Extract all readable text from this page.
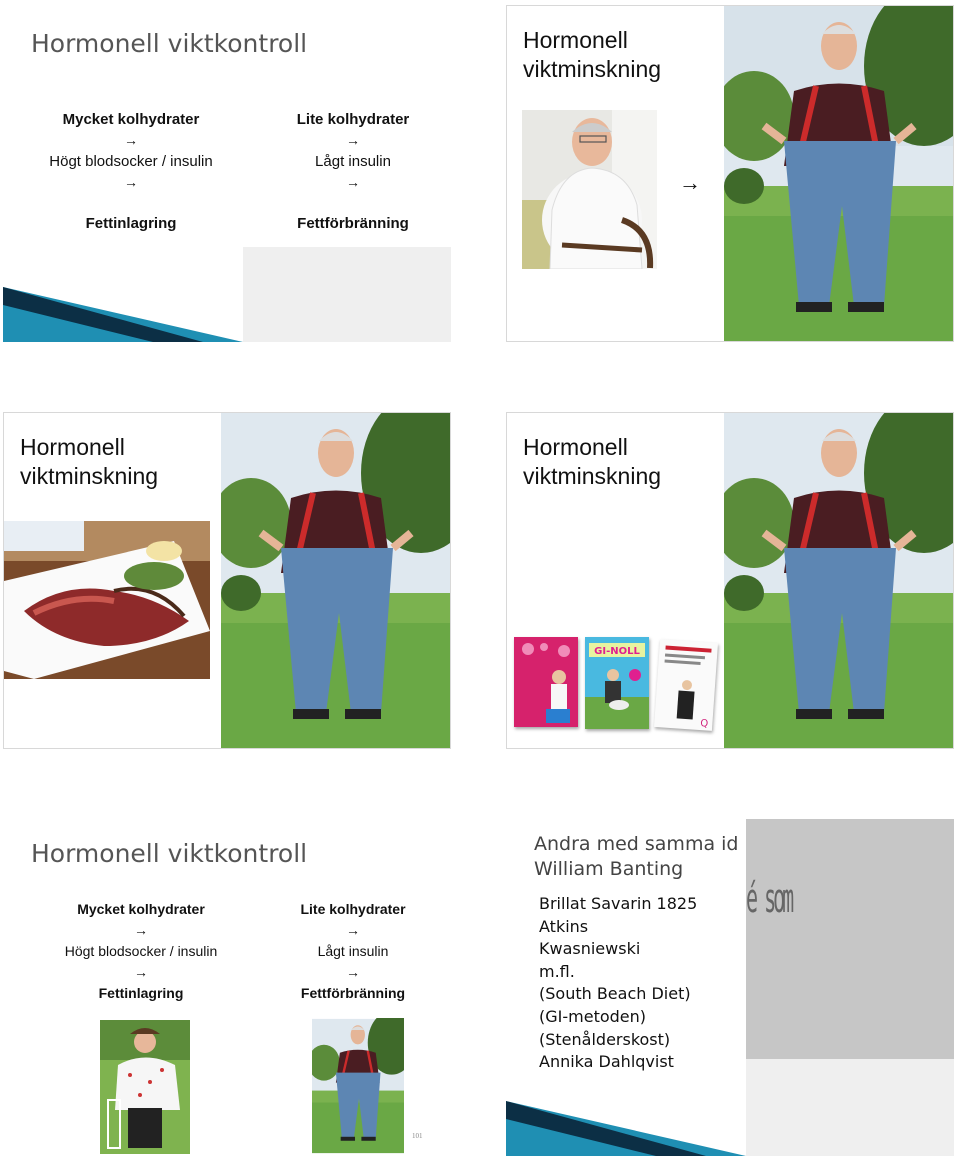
Hormonell viktkontroll
Mycket kolhydrater
→
Högt blodsocker / insulin
→
Fettinlagring
Lite kolhydrater
→
Lågt insulin
→
Fettförbränning
Hormonell
viktminskning
→
Hormonell
viktminskning
Hormonell
viktminskning
GI-NOLL
Q
Hormonell viktkontroll
Mycket kolhydrater
→
Högt blodsocker / insulin
→
Fettinlagring
Lite kolhydrater
→
Lågt insulin
→
Fettförbränning
101
Andra med samma id
William Banting
é som
Brillat Savarin 1825
Atkins
Kwasniewski
m.fl.
(South Beach Diet)
(GI-metoden)
(Stenålderskost)
Annika Dahlqvist
